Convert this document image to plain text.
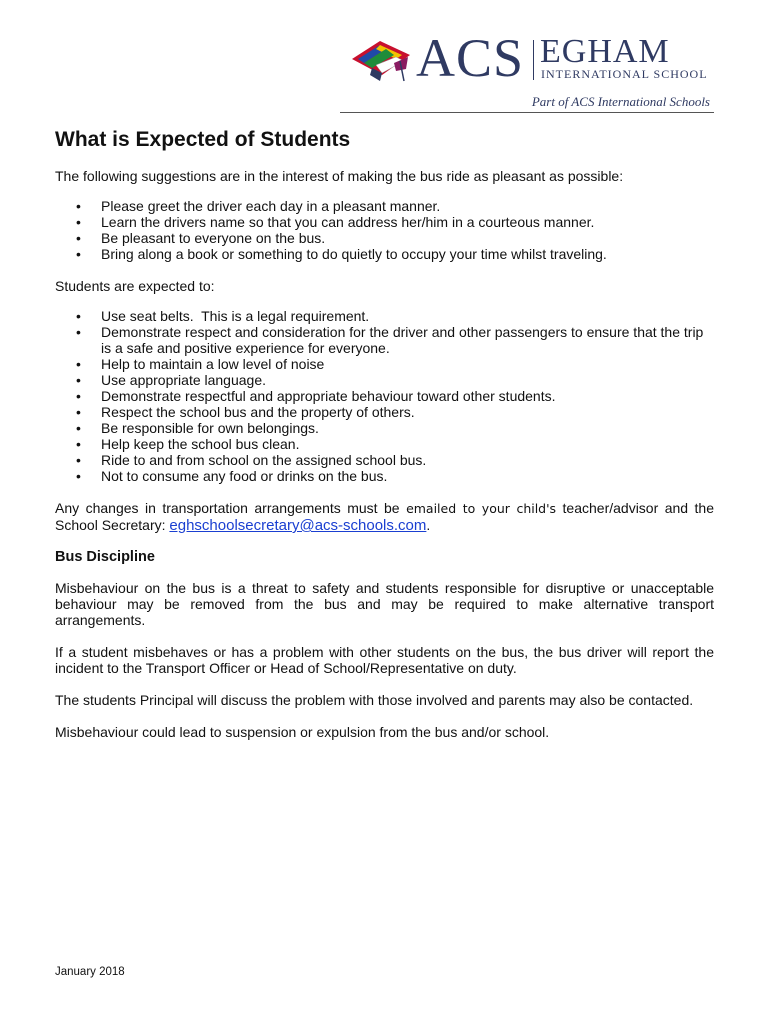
ACS EGHAM
INTERNATIONAL SCHOOL
Part of ACS International Schools
What is Expected of Students

The following suggestions are in the interest of making the bus ride as pleasant as possible:

• Please greet the driver each day in a pleasant manner.
• Learn the drivers name so that you can address her/him in a courteous manner.
• Be pleasant to everyone on the bus.
• Bring along a book or something to do quietly to occupy your time whilst traveling.

Students are expected to:

• Use seat belts.  This is a legal requirement.
• Demonstrate respect and consideration for the driver and other passengers to ensure that the trip is a safe and positive experience for everyone.
• Help to maintain a low level of noise
• Use appropriate language.
• Demonstrate respectful and appropriate behaviour toward other students.
• Respect the school bus and the property of others.
• Be responsible for own belongings.
• Help keep the school bus clean.
• Ride to and from school on the assigned school bus.
• Not to consume any food or drinks on the bus.

Any changes in transportation arrangements must be emailed to your child's teacher/advisor and the School Secretary: eghschoolsecretary@acs-schools.com.

Bus Discipline

Misbehaviour on the bus is a threat to safety and students responsible for disruptive or unacceptable behaviour may be removed from the bus and may be required to make alternative transport arrangements.

If a student misbehaves or has a problem with other students on the bus, the bus driver will report the incident to the Transport Officer or Head of School/Representative on duty.

The students Principal will discuss the problem with those involved and parents may also be contacted.

Misbehaviour could lead to suspension or expulsion from the bus and/or school.

January 2018
